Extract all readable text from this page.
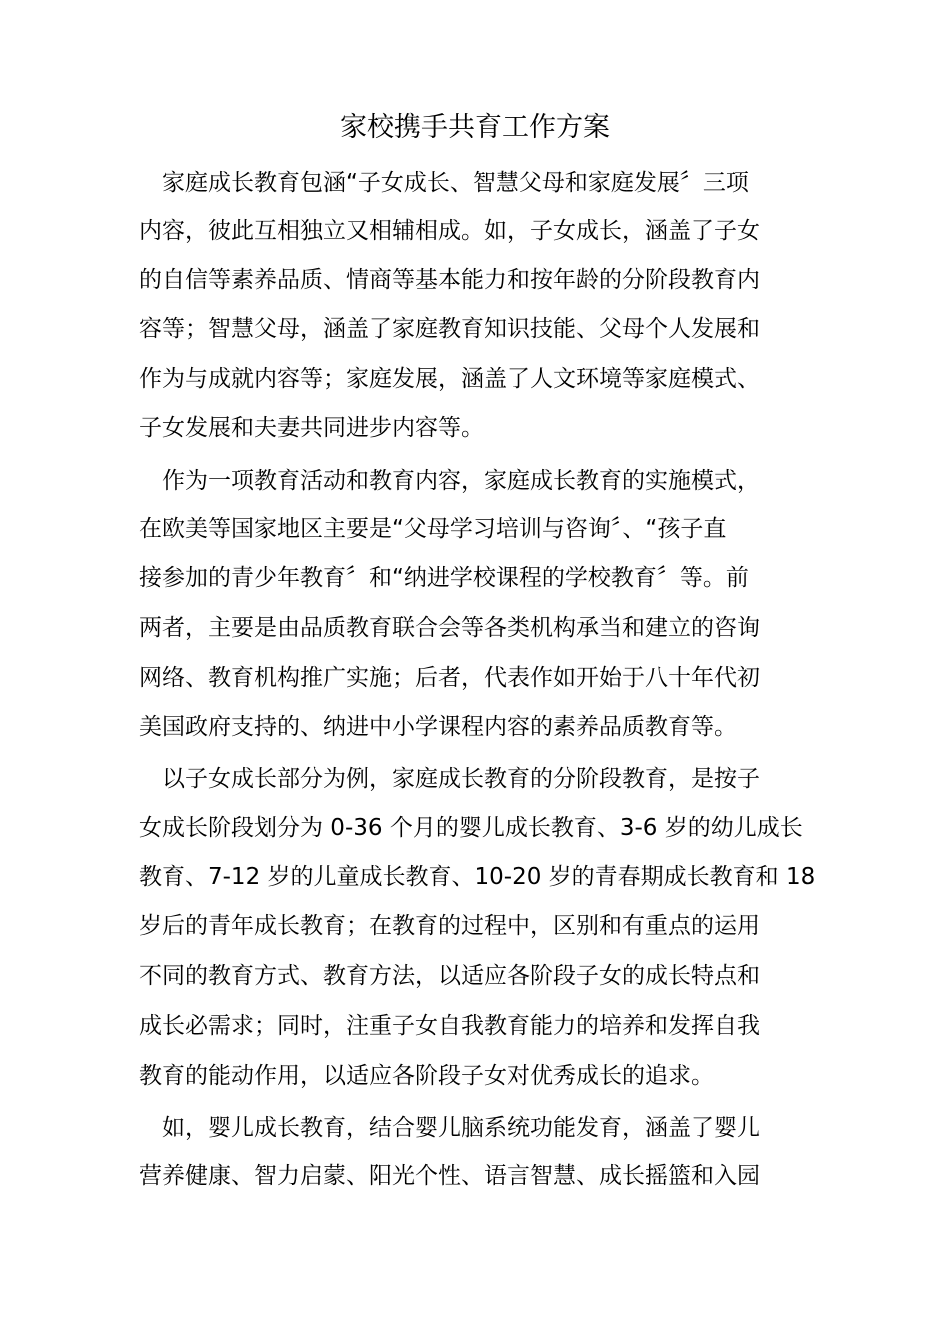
家校携手共育工作方案
　家庭成长教育包涵“子女成长、智慧父母和家庭发展〞三项
内容，彼此互相独立又相辅相成。如，子女成长，涵盖了子女
的自信等素养品质、情商等基本能力和按年龄的分阶段教育内
容等；智慧父母，涵盖了家庭教育知识技能、父母个人发展和
作为与成就内容等；家庭发展，涵盖了人文环境等家庭模式、
子女发展和夫妻共同进步内容等。
　作为一项教育活动和教育内容，家庭成长教育的实施模式，
在欧美等国家地区主要是“父母学习培训与咨询〞、“孩子直
接参加的青少年教育〞和“纳进学校课程的学校教育〞等。前
两者，主要是由品质教育联合会等各类机构承当和建立的咨询
网络、教育机构推广实施；后者，代表作如开始于八十年代初
美国政府支持的、纳进中小学课程内容的素养品质教育等。
　以子女成长部分为例，家庭成长教育的分阶段教育，是按子
女成长阶段划分为 0-36 个月的婴儿成长教育、3-6 岁的幼儿成长
教育、7-12 岁的儿童成长教育、10-20 岁的青春期成长教育和 18
岁后的青年成长教育；在教育的过程中，区别和有重点的运用
不同的教育方式、教育方法，以适应各阶段子女的成长特点和
成长必需求；同时，注重子女自我教育能力的培养和发挥自我
教育的能动作用，以适应各阶段子女对优秀成长的追求。
　如，婴儿成长教育，结合婴儿脑系统功能发育，涵盖了婴儿
营养健康、智力启蒙、阳光个性、语言智慧、成长摇篮和入园
